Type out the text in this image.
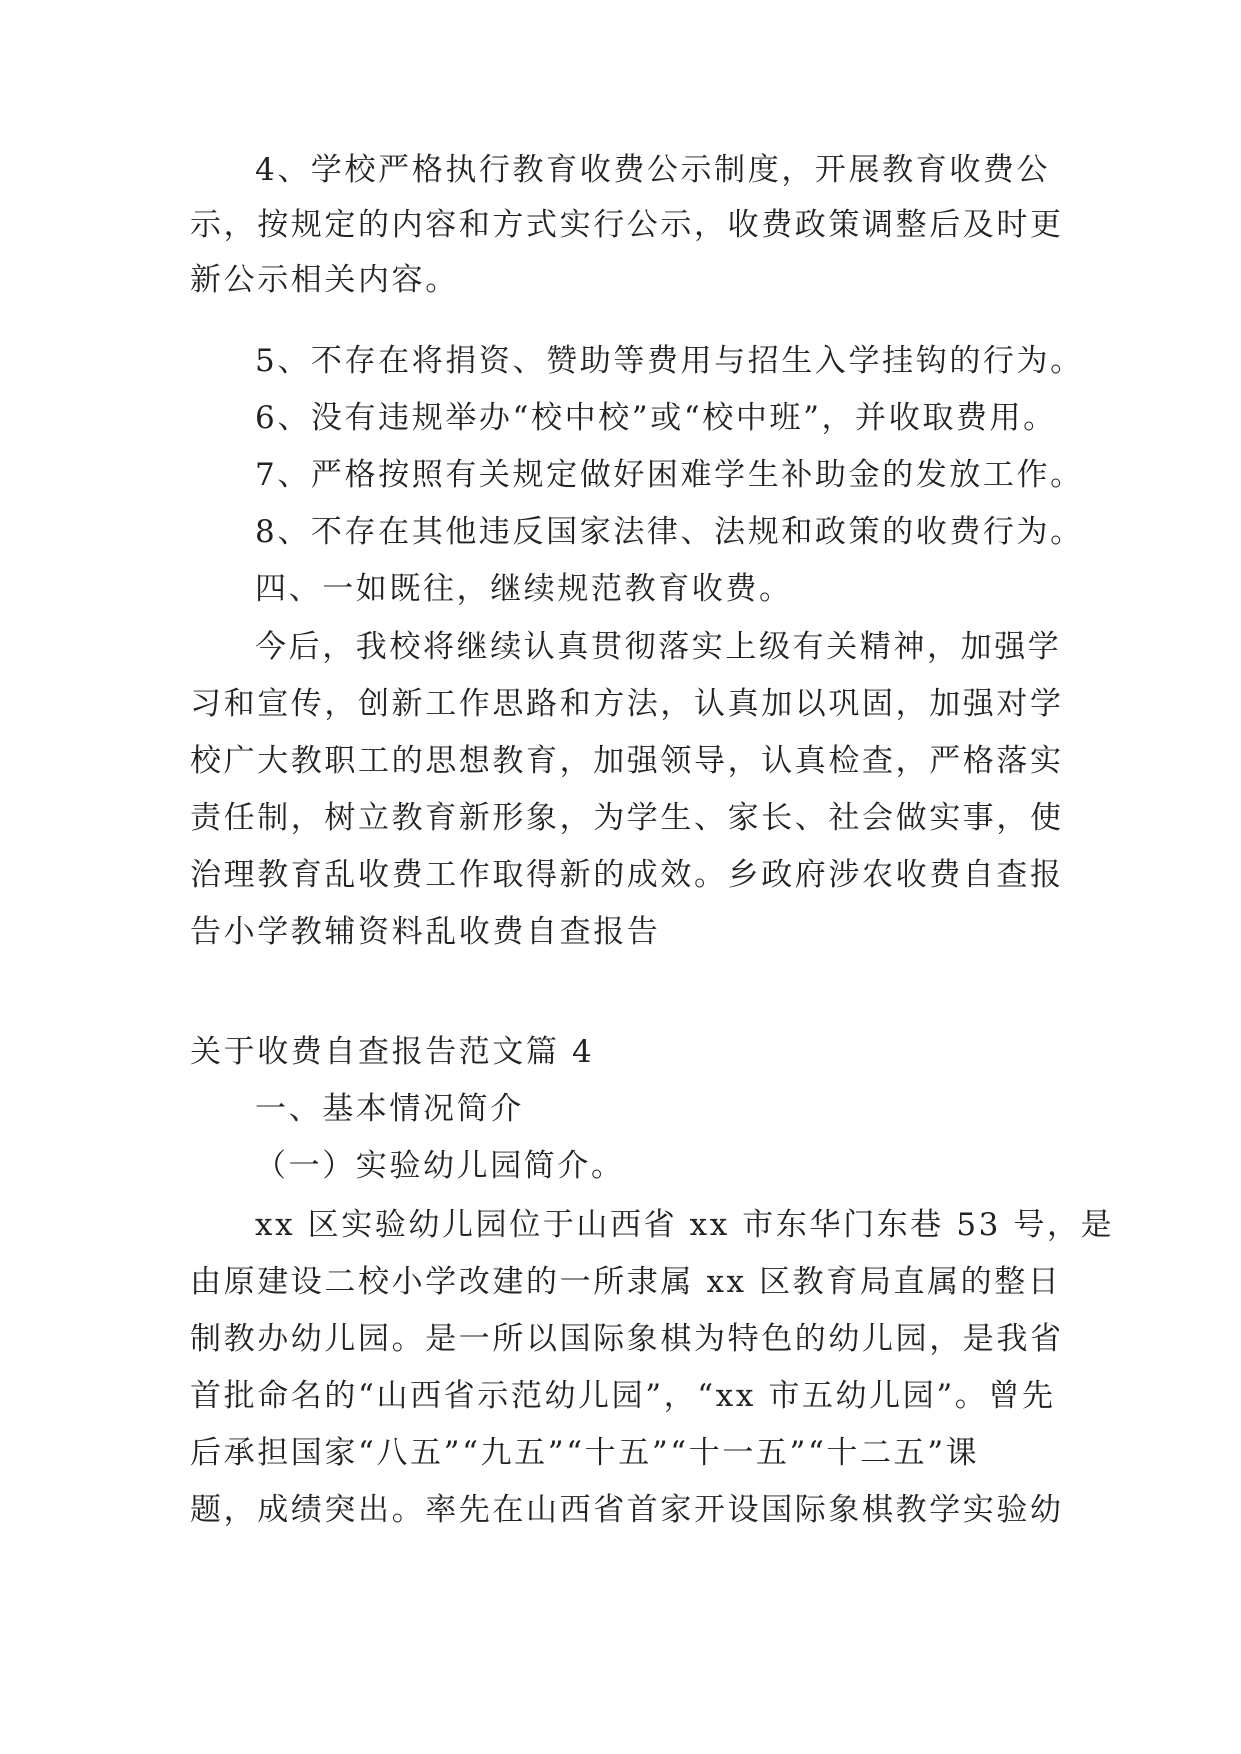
4、学校严格执行教育收费公示制度，开展教育收费公
示，按规定的内容和方式实行公示，收费政策调整后及时更
新公示相关内容。
5、不存在将捐资、赞助等费用与招生入学挂钩的行为。
6、没有违规举办“校中校”或“校中班”，并收取费用。
7、严格按照有关规定做好困难学生补助金的发放工作。
8、不存在其他违反国家法律、法规和政策的收费行为。
四、一如既往，继续规范教育收费。
今后，我校将继续认真贯彻落实上级有关精神，加强学
习和宣传，创新工作思路和方法，认真加以巩固，加强对学
校广大教职工的思想教育，加强领导，认真检查，严格落实
责任制，树立教育新形象，为学生、家长、社会做实事，使
治理教育乱收费工作取得新的成效。乡政府涉农收费自查报
告小学教辅资料乱收费自查报告
关于收费自查报告范文篇 4
一、基本情况简介
（一）实验幼儿园简介。
xx 区实验幼儿园位于山西省 xx 市东华门东巷 53 号，是
由原建设二校小学改建的一所隶属 xx 区教育局直属的整日
制教办幼儿园。是一所以国际象棋为特色的幼儿园，是我省
首批命名的“山西省示范幼儿园”，“xx 市五幼儿园”。曾先
后承担国家“八五”“九五”“十五”“十一五”“十二五”课
题，成绩突出。率先在山西省首家开设国际象棋教学实验幼
